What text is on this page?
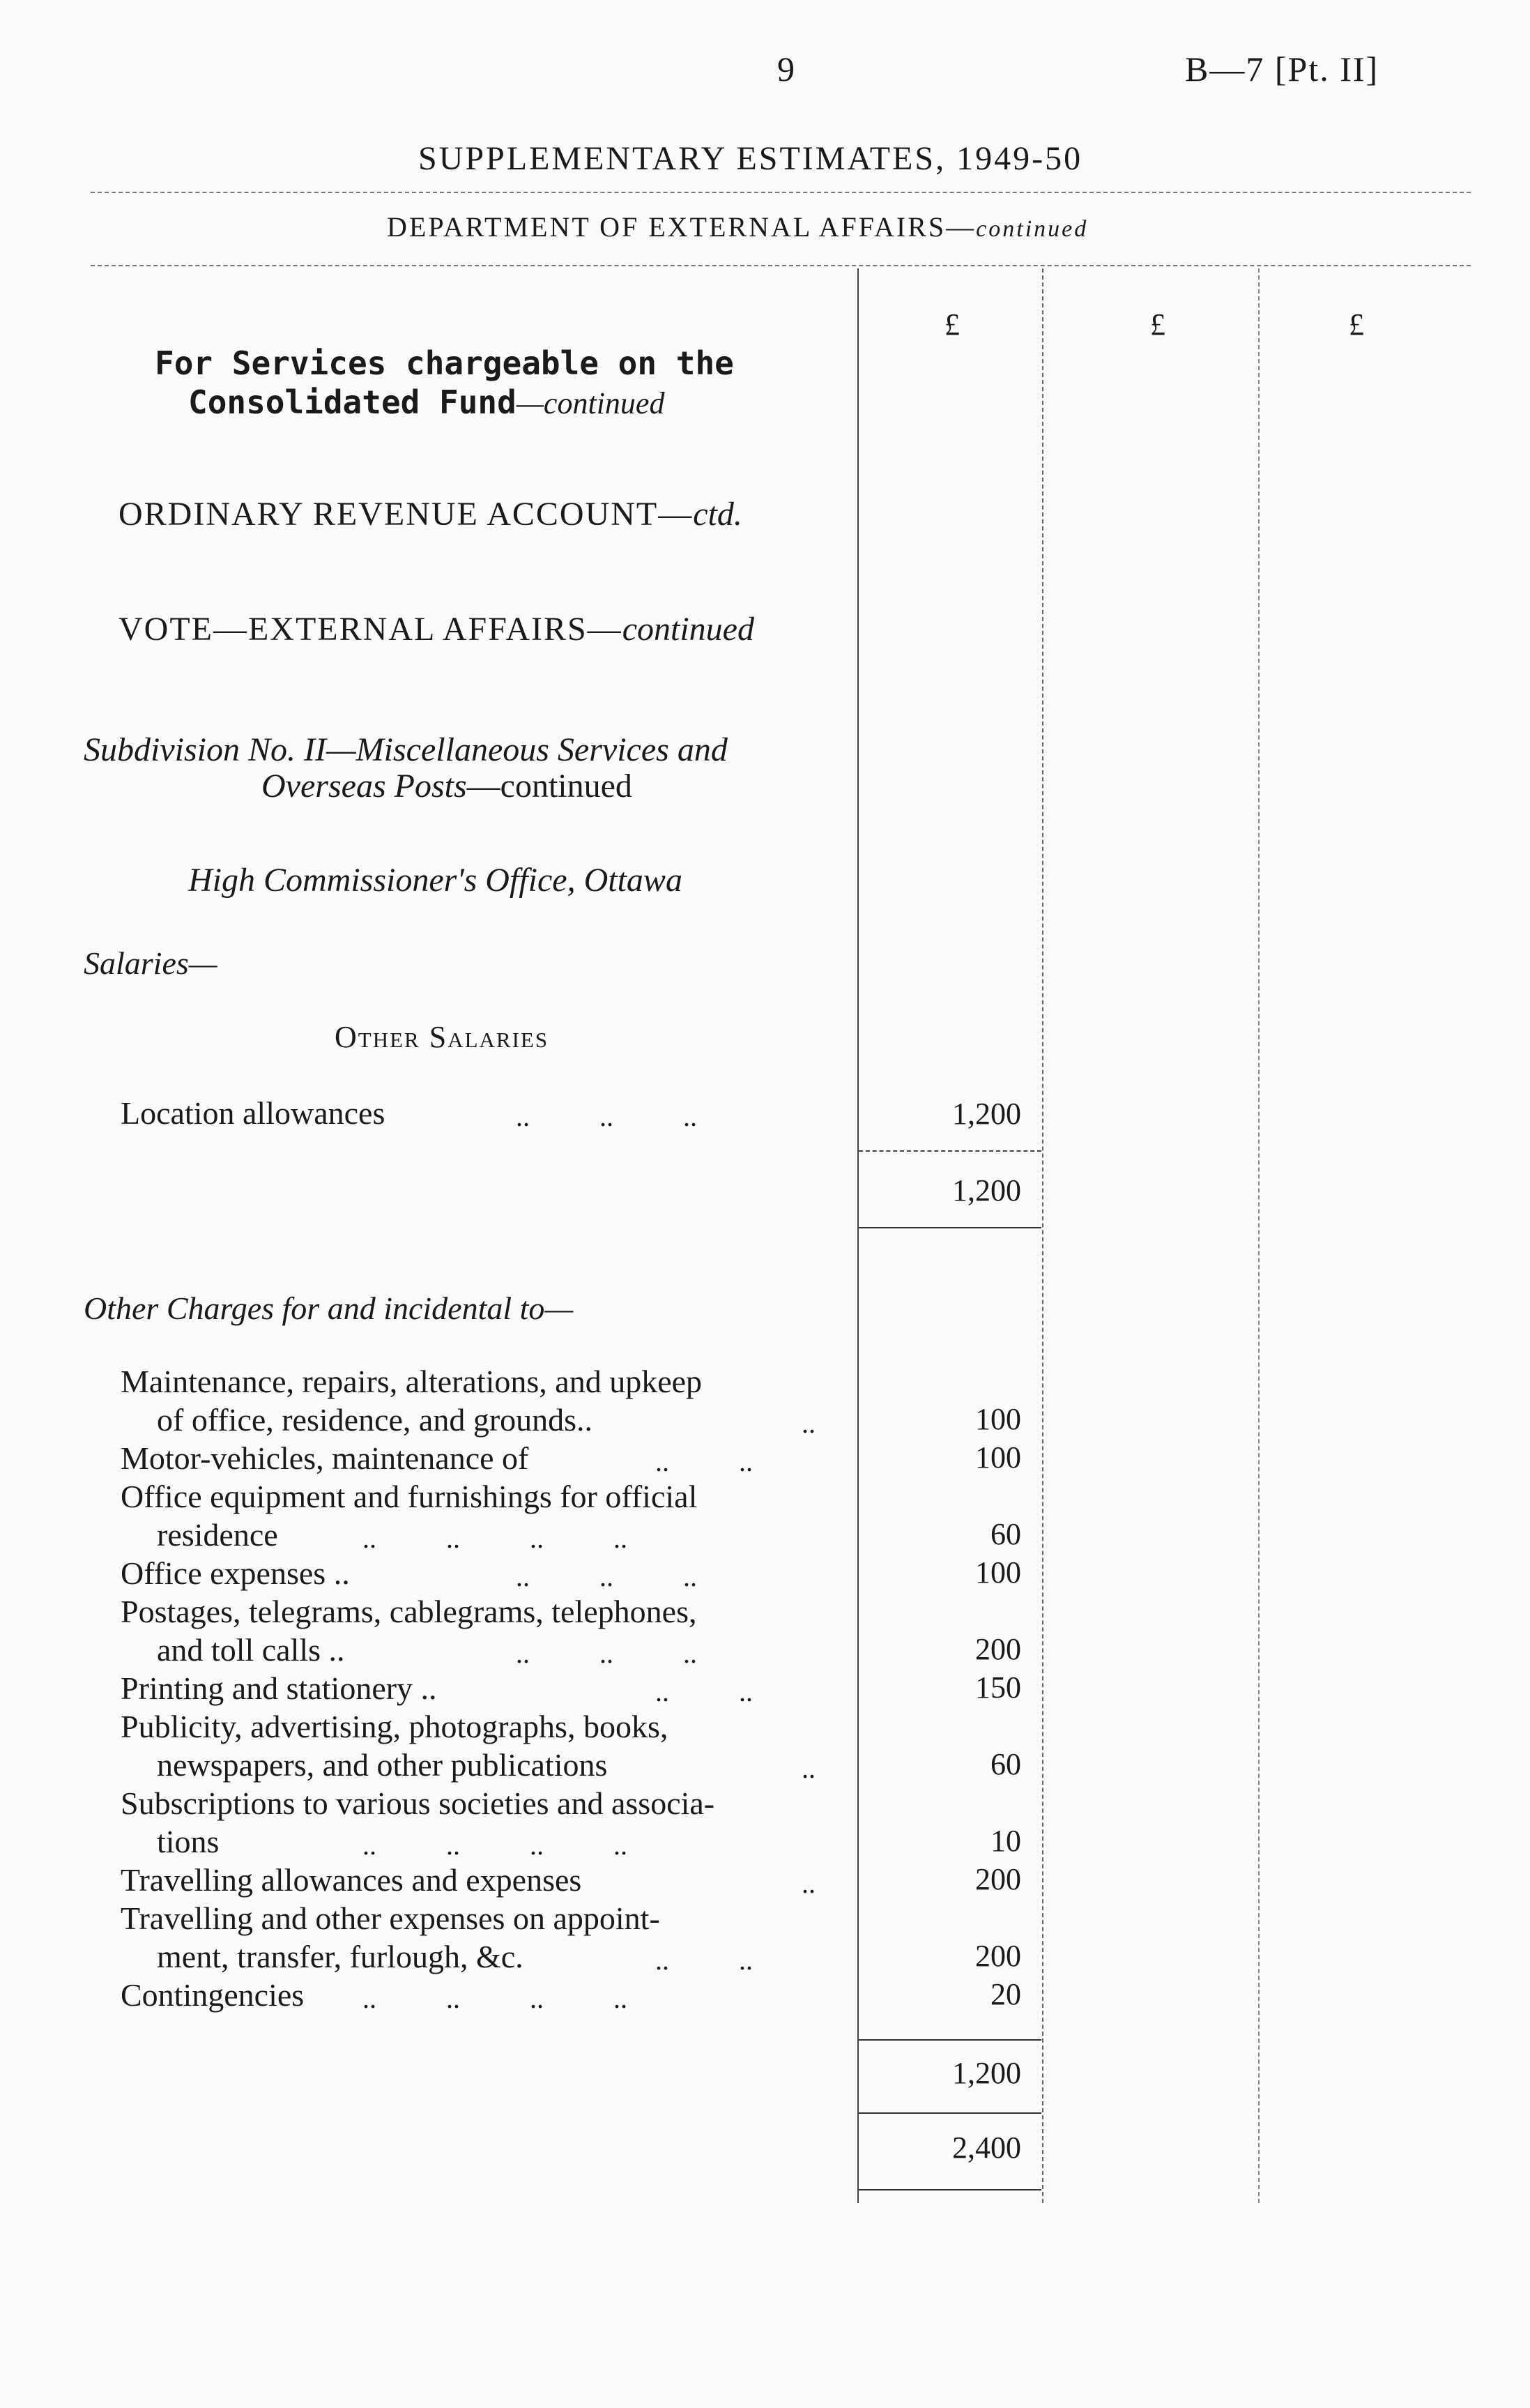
9	B—7 [Pt. II]
SUPPLEMENTARY ESTIMATES, 1949-50
DEPARTMENT OF EXTERNAL AFFAIRS—continued
£	£	£
For Services chargeable on the
Consolidated Fund—continued
ORDINARY REVENUE ACCOUNT—ctd.
VOTE—EXTERNAL AFFAIRS—continued
Subdivision No. II—Miscellaneous Services and
Overseas Posts—continued
High Commissioner's Office, Ottawa
Salaries—
Other Salaries
Location allowances	..          ..          ..	1,200
1,200
Other Charges for and incidental to—
Maintenance, repairs, alterations, and upkeep
of office, residence, and grounds..	..	100
Motor-vehicles, maintenance of	..          ..	100
Office equipment and furnishings for official
residence	..          ..          ..          ..	60
Office expenses ..	..          ..          ..	100
Postages, telegrams, cablegrams, telephones,
and toll calls ..	..          ..          ..	200
Printing and stationery ..	..          ..	150
Publicity, advertising, photographs, books,
newspapers, and other publications	..	60
Subscriptions to various societies and associa-
tions	..          ..          ..          ..	10
Travelling allowances and expenses	..	200
Travelling and other expenses on appoint-
ment, transfer, furlough, &c.	..          ..	200
Contingencies ..          ..          ..          ..	20
1,200
2,400
